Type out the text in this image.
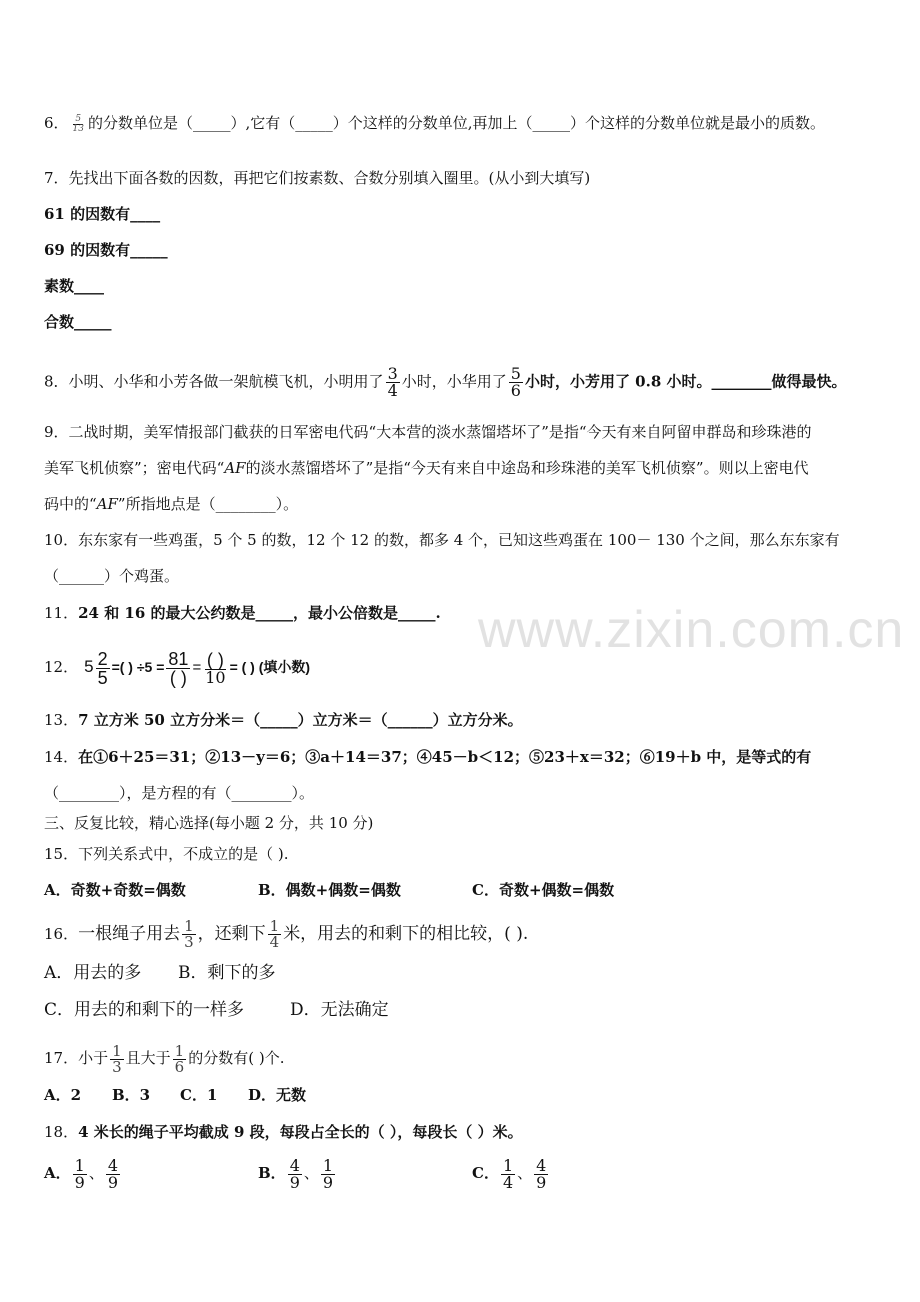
www.zixin.com.cn
6． $\frac{5}{13}$ 的分数单位是（_____）,它有（_____）个这样的分数单位,再加上（_____）个这样的分数单位就是最小的质数。
7．先找出下面各数的因数，再把它们按素数、合数分别填入圈里。(从小到大填写)
61 的因数有____
69 的因数有_____
素数____
合数_____
8．小明、小华和小芳各做一架航模飞机，小明用了 $\frac{3}{4}$ 小时，小华用了 $\frac{5}{6}$ 小时，小芳用了 0.8 小时。________做得最快。
9．二战时期，美军情报部门截获的日军密电代码“大本营的淡水蒸馏塔坏了”是指“今天有来自阿留申群岛和珍珠港的
美军飞机侦察”；密电代码“AF的淡水蒸馏塔坏了”是指“今天有来自中途岛和珍珠港的美军飞机侦察”。则以上密电代
码中的“AF”所指地点是（________）。
10．东东家有一些鸡蛋，5 个 5 的数，12 个 12 的数，都多 4 个，已知这些鸡蛋在 100－ 130 个之间，那么东东家有
（______）个鸡蛋。
11．24 和 16 的最大公约数是_____，最小公倍数是_____.
12． $5 \frac{2}{5}$ =( ) $\div 5 = \frac{81}{( )} = \frac{( )}{10}$ = ( ) (填小数)
13．7 立方米 50 立方分米＝（_____）立方米＝（______）立方分米。
14．在①6＋25＝31；②13－y＝6；③a＋14＝37；④45－b＜12；⑤23＋x＝32；⑥19＋b 中，是等式的有
（________），是方程的有（________）。
三、反复比较，精心选择(每小题 2 分，共 10 分)
15．下列关系式中，不成立的是（ ).
A．奇数+奇数=偶数	B．偶数+偶数=偶数	C．奇数+偶数=偶数
16．一根绳子用去 $\frac{1}{3}$ ，还剩下 $\frac{1}{4}$ 米，用去的和剩下的相比较，( ).
A．用去的多 B．剩下的多
C．用去的和剩下的一样多	D．无法确定
17．小于 $\frac{1}{3}$ 且大于 $\frac{1}{6}$ 的分数有( )个.
A．2 B．3 C．1 D．无数
18．4 米长的绳子平均截成 9 段，每段占全长的（ ），每段长（ ）米。
A． $\frac{1}{9}$ 、 $\frac{4}{9}$	B． $\frac{4}{9}$ 、 $\frac{1}{9}$	C． $\frac{1}{4}$ 、 $\frac{4}{9}$
